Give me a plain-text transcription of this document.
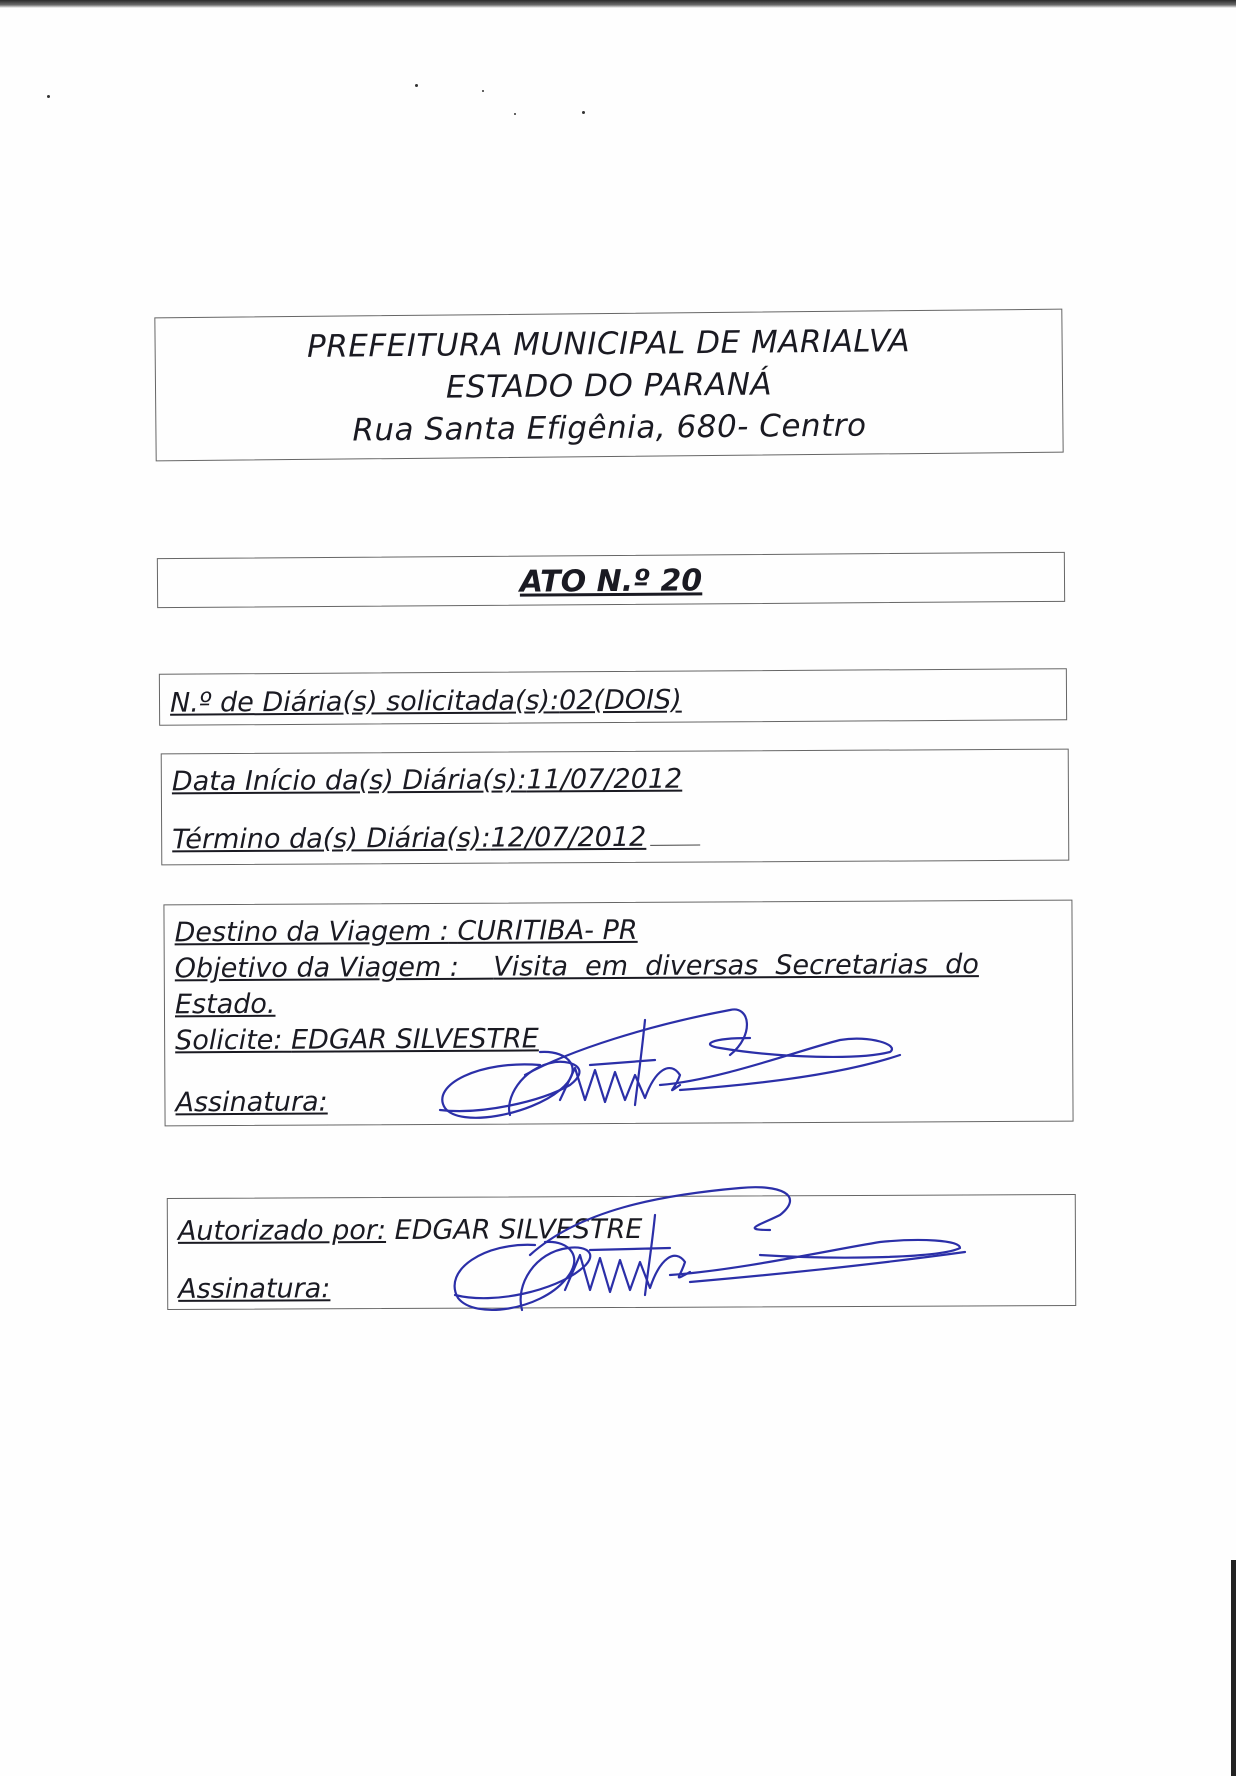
PREFEITURA MUNICIPAL DE MARIALVA
ESTADO DO PARANÁ
Rua Santa Efigênia, 680- Centro
ATO N.º 20
N.º de Diária(s) solicitada(s):02(DOIS)
Data Início da(s) Diária(s):11/07/2012
Término da(s) Diária(s):12/07/2012
Destino da Viagem : CURITIBA- PR
Objetivo da Viagem : Visita  em  diversas  Secretarias  do
Estado.
Solicite: EDGAR SILVESTRE
Assinatura:
Autorizado por: EDGAR SILVESTRE
Assinatura:
